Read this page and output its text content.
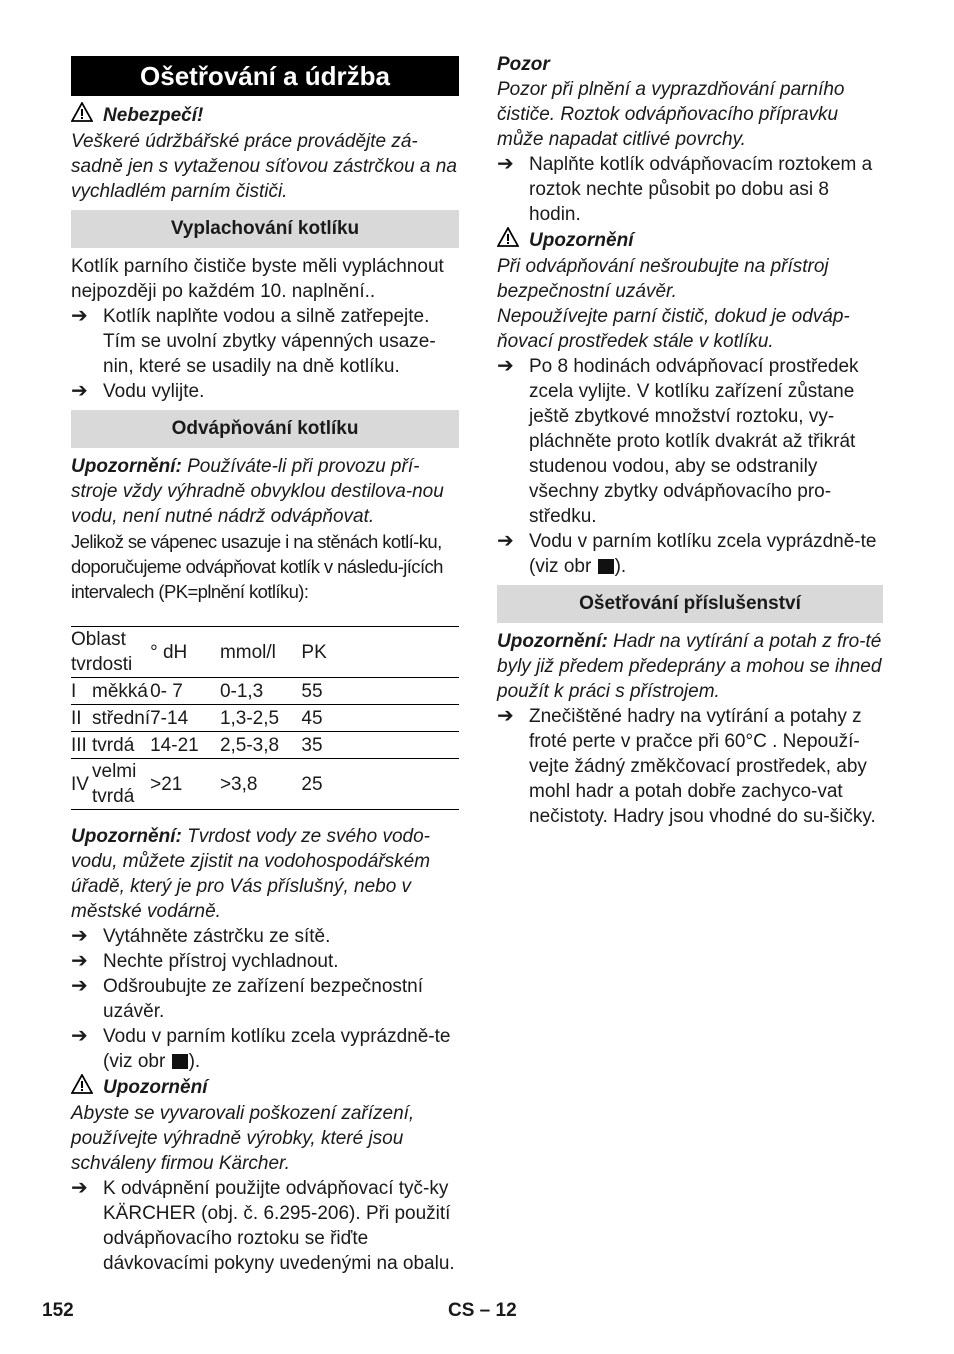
Ošetřování a údržba
Nebezpečí!

Veškeré údržbářské práce provádějte zá-sadně jen s vytaženou síťovou zástrčkou a na vychladlém parním čističi.

Vyplachování kotlíku

Kotlík parního čističe byste měli vypláchnout nejpozději po každém 10. naplnění..

➔ Kotlík naplňte vodou a silně zatřepejte. Tím se uvolní zbytky vápenných usaze-nin, které se usadily na dně kotlíku.
➔ Vodu vylijte.
Odvápňování kotlíku

Upozornění: Používáte-li při provozu pří-stroje vždy výhradně obvyklou destilova-nou vodu, není nutné nádrž odvápňovat.

Jelikož se vápenec usazuje i na stěnách kotlí-ku, doporučujeme odvápňovat kotlík v následu-jících intervalech (PK=plnění kotlíku):

Oblast tvrdosti		° dH	mmol/l	PK
I	měkká	0- 7	0-1,3	55
II	střední	7-14	1,3-2,5	45
III	tvrdá	14-21	2,5-3,8	35
IV	velmi tvrdá	>21	>3,8	25

Upozornění: Tvrdost vody ze svého vodo-vodu, můžete zjistit na vodohospodářském úřadě, který je pro Vás příslušný, nebo v městské vodárně.

➔ Vytáhněte zástrčku ze sítě.
➔ Nechte přístroj vychladnout.
➔ Odšroubujte ze zařízení bezpečnostní uzávěr.
➔ Vodu v parním kotlíku zcela vyprázdně-te (viz obr ).
Upozornění

Abyste se vyvarovali poškození zařízení, používejte výhradně výrobky, které jsou schváleny firmou Kärcher.

➔ K odvápnění použijte odvápňovací tyč-ky KÄRCHER (obj. č. 6.295-206). Při použití odvápňovacího roztoku se řiďte dávkovacími pokyny uvedenými na obalu.
Pozor

Pozor při plnění a vyprazdňování parního čističe. Roztok odvápňovacího přípravku může napadat citlivé povrchy.

➔ Naplňte kotlík odvápňovacím roztokem a roztok nechte působit po dobu asi 8 hodin.
Upozornění

Při odvápňování nešroubujte na přístroj bezpečnostní uzávěr.

Nepoužívejte parní čistič, dokud je odváp-ňovací prostředek stále v kotlíku.

➔ Po 8 hodinách odvápňovací prostředek zcela vylijte. V kotlíku zařízení zůstane ještě zbytkové množství roztoku, vy-pláchněte proto kotlík dvakrát až třikrát studenou vodou, aby se odstranily všechny zbytky odvápňovacího pro-středku.
➔ Vodu v parním kotlíku zcela vyprázdně-te (viz obr ).
Ošetřování příslušenství

Upozornění: Hadr na vytírání a potah z fro-té byly již předem předeprány a mohou se ihned použít k práci s přístrojem.

➔ Znečištěné hadry na vytírání a potahy z froté perte v pračce při 60°C . Nepouží-vejte žádný změkčovací prostředek, aby mohl hadr a potah dobře zachyco-vat nečistoty. Hadry jsou vhodné do su-šičky.
152	CS – 12
